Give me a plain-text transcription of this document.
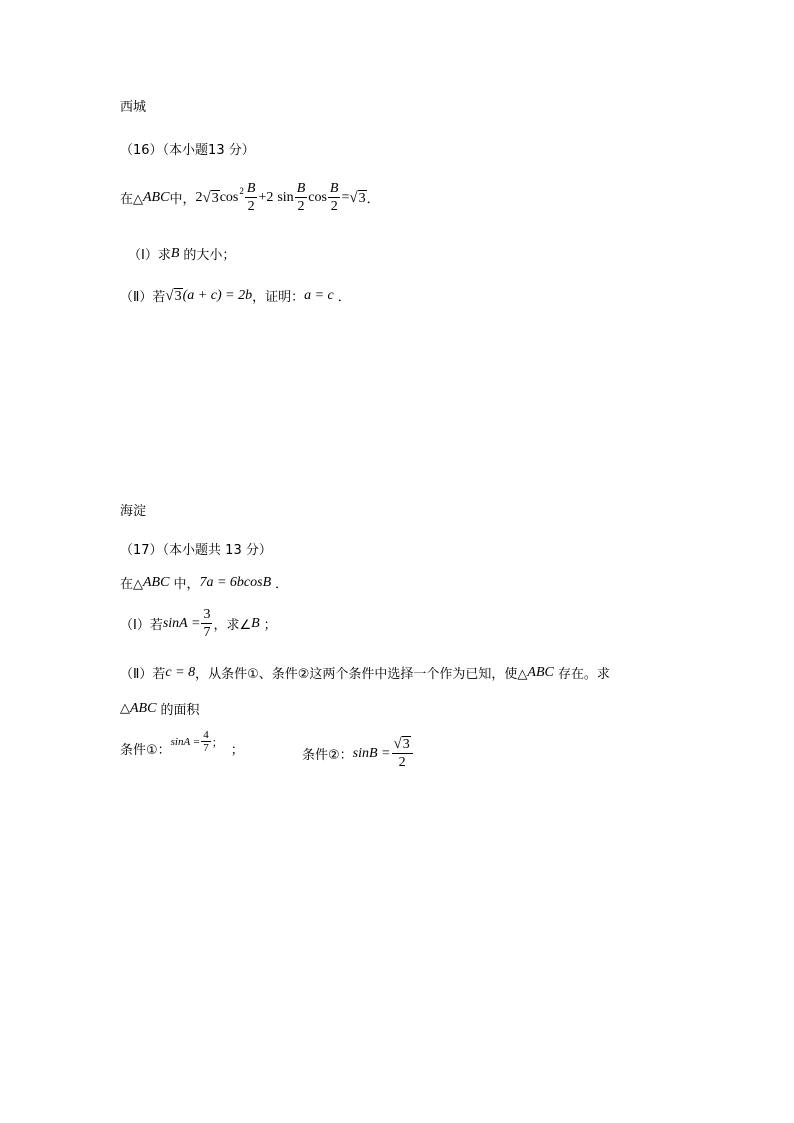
西城
（16）（本小题13 分）
在△ ABC 中， 2 √ 3 $\cos 2 \frac{B}{2} +2$ $\sin \frac{B}{2}$ $\cos \frac{B}{2}$ = √ 3 ．
（I）求 B 的大小；
（Ⅱ）若 √ 3 (a + c) = 2b ，证明： a = c ．
海淀
（17）（本小题共 13 分）
在△ ABC 中， 7a = 6bcosB ．
（I）若 $\sin A = \frac{3}{7}$ ，求∠ B ；
（Ⅱ）若 c = 8 ，从条件①、条件②这两个条件中选择一个作为已知，使△ ABC 存在。求
△ ABC 的面积
条件①：
$\sin A = \frac{4}{7}$ ；
；	条件②： $\sin B = \frac{√ 3}{2}$
